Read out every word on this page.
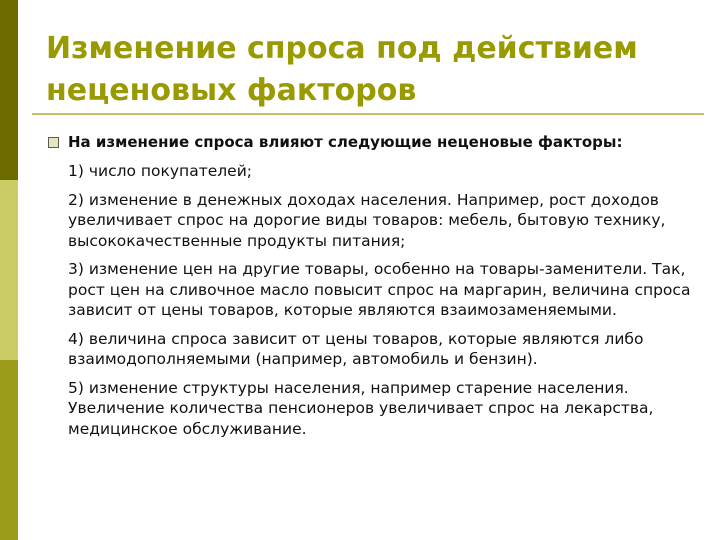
Изменение спроса под действием неценовых факторов
На изменение спроса влияют следующие неценовые факторы:
1) число покупателей;
2) изменение в денежных доходах населения. Например, рост доходов увеличивает спрос на дорогие виды товаров: мебель, бытовую технику, высококачественные продукты питания;
3) изменение цен на другие товары, особенно на товары-заменители. Так, рост цен на сливочное масло повысит спрос на маргарин, величина спроса зависит от цены товаров, которые являются взаимозаменяемыми.
4) величина спроса зависит от цены товаров, которые являются либо взаимодополняемыми (например, автомобиль и бензин).
5) изменение структуры населения, например старение населения. Увеличение количества пенсионеров увеличивает спрос на лекарства, медицинское обслуживание.
